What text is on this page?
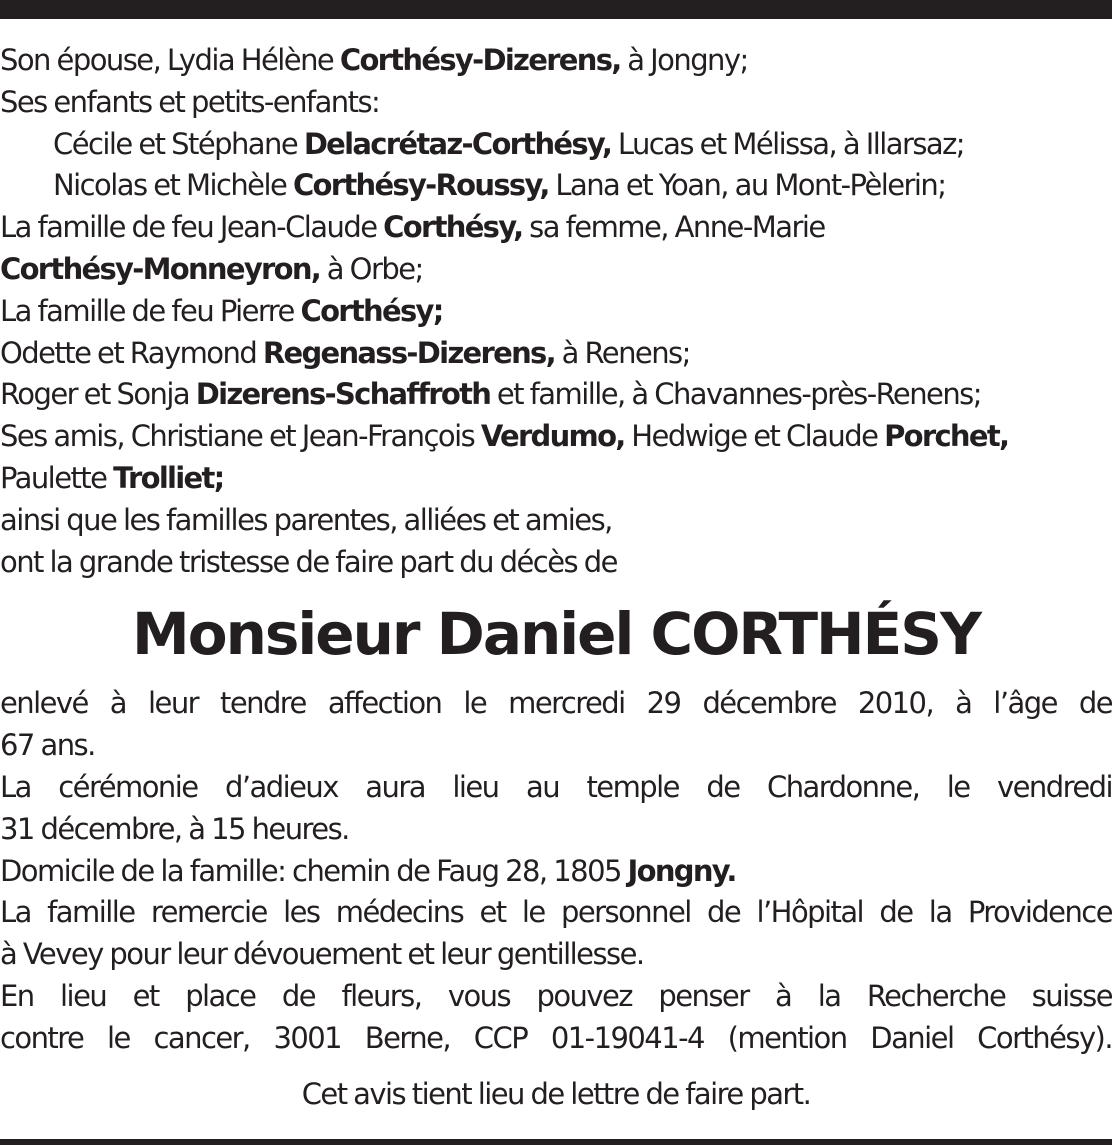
Son épouse, Lydia Hélène Corthésy-Dizerens, à Jongny;
Ses enfants et petits-enfants:
Cécile et Stéphane Delacrétaz-Corthésy, Lucas et Mélissa, à Illarsaz;
Nicolas et Michèle Corthésy-Roussy, Lana et Yoan, au Mont-Pèlerin;
La famille de feu Jean-Claude Corthésy, sa femme, Anne-Marie
Corthésy-Monneyron, à Orbe;
La famille de feu Pierre Corthésy;
Odette et Raymond Regenass-Dizerens, à Renens;
Roger et Sonja Dizerens-Schaffroth et famille, à Chavannes-près-Renens;
Ses amis, Christiane et Jean-François Verdumo, Hedwige et Claude Porchet,
Paulette Trolliet;
ainsi que les familles parentes, alliées et amies,
ont la grande tristesse de faire part du décès de
Monsieur Daniel CORTHÉSY
enlevé à leur tendre affection le mercredi 29 décembre 2010, à l’âge de
67 ans.
La cérémonie d’adieux aura lieu au temple de Chardonne, le vendredi
31 décembre, à 15 heures.
Domicile de la famille: chemin de Faug 28, 1805 Jongny.
La famille remercie les médecins et le personnel de l’Hôpital de la Providence
à Vevey pour leur dévouement et leur gentillesse.
En lieu et place de fleurs, vous pouvez penser à la Recherche suisse
contre le cancer, 3001 Berne, CCP 01-19041-4 (mention Daniel Corthésy).
Cet avis tient lieu de lettre de faire part.
